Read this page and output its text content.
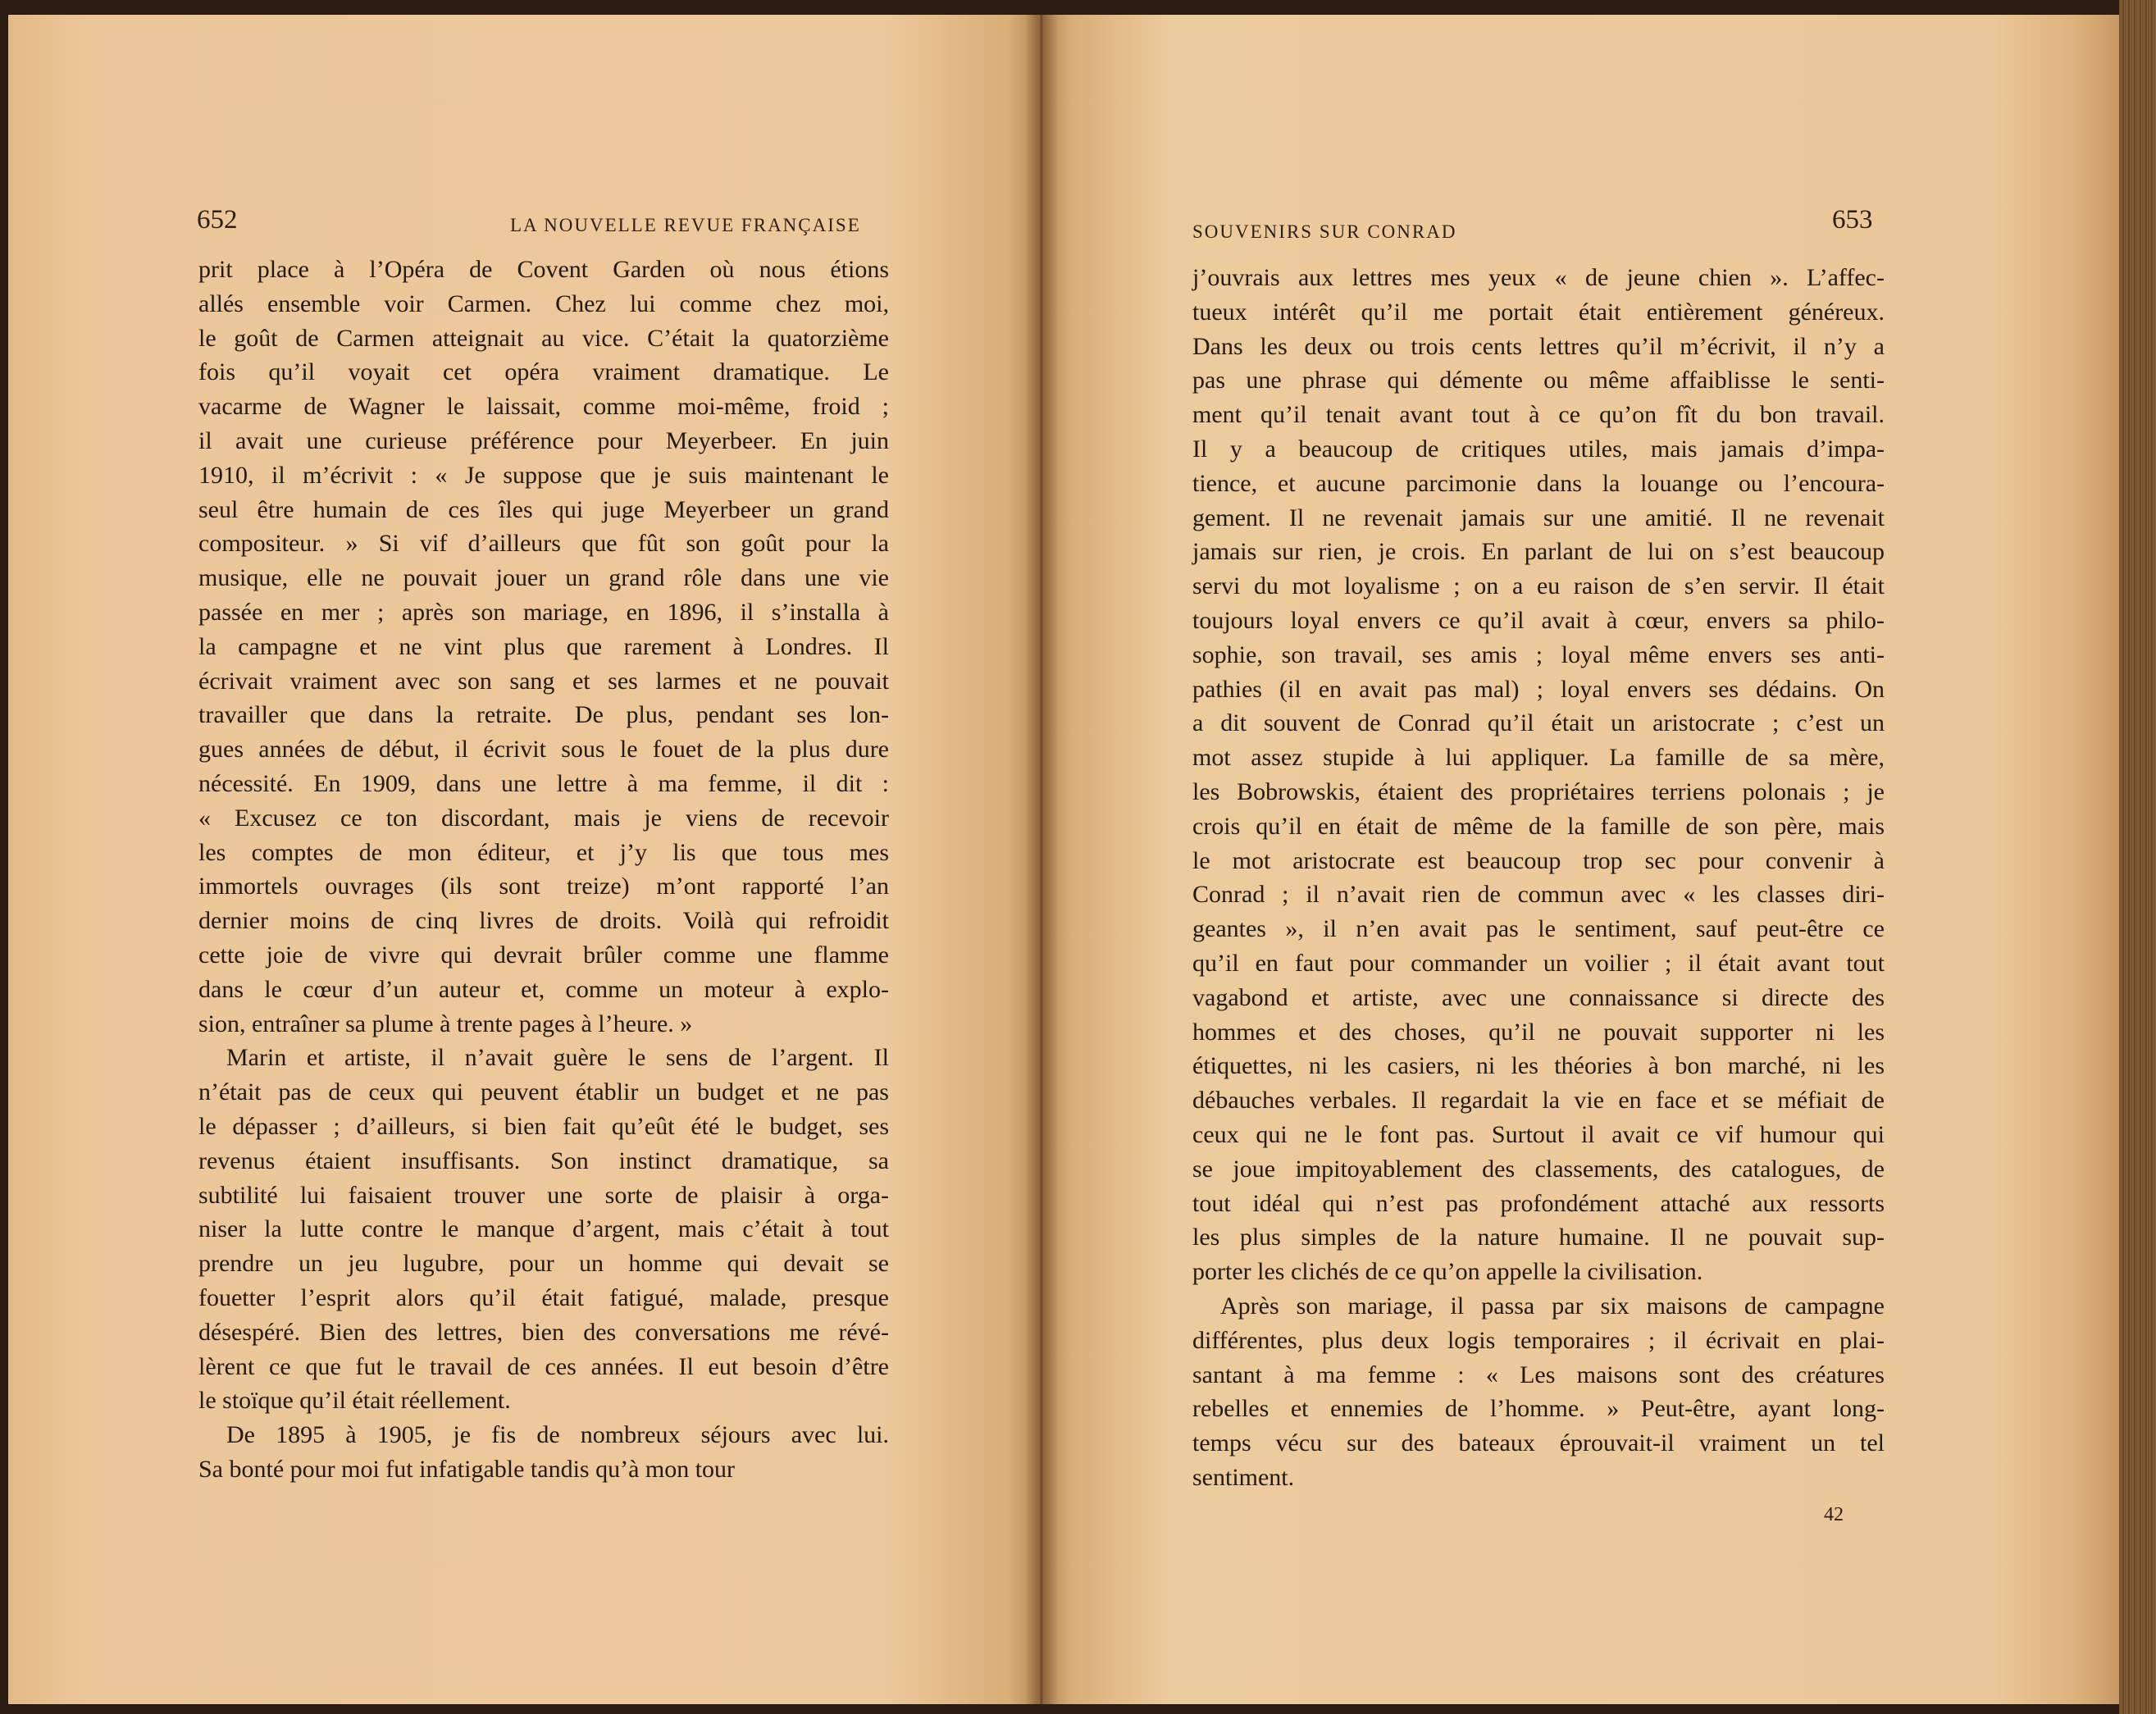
652	LA NOUVELLE REVUE FRANÇAISE
prit place à l’Opéra de Covent Garden où nous étions
allés ensemble voir Carmen. Chez lui comme chez moi,
le goût de Carmen atteignait au vice. C’était la quatorzième
fois qu’il voyait cet opéra vraiment dramatique. Le
vacarme de Wagner le laissait, comme moi-même, froid ;
il avait une curieuse préférence pour Meyerbeer. En juin
1910, il m’écrivit : « Je suppose que je suis maintenant le
seul être humain de ces îles qui juge Meyerbeer un grand
compositeur. » Si vif d’ailleurs que fût son goût pour la
musique, elle ne pouvait jouer un grand rôle dans une vie
passée en mer ; après son mariage, en 1896, il s’installa à
la campagne et ne vint plus que rarement à Londres. Il
écrivait vraiment avec son sang et ses larmes et ne pouvait
travailler que dans la retraite. De plus, pendant ses lon-
gues années de début, il écrivit sous le fouet de la plus dure
nécessité. En 1909, dans une lettre à ma femme, il dit :
« Excusez ce ton discordant, mais je viens de recevoir
les comptes de mon éditeur, et j’y lis que tous mes
immortels ouvrages (ils sont treize) m’ont rapporté l’an
dernier moins de cinq livres de droits. Voilà qui refroidit
cette joie de vivre qui devrait brûler comme une flamme
dans le cœur d’un auteur et, comme un moteur à explo-
sion, entraîner sa plume à trente pages à l’heure. »
Marin et artiste, il n’avait guère le sens de l’argent. Il
n’était pas de ceux qui peuvent établir un budget et ne pas
le dépasser ; d’ailleurs, si bien fait qu’eût été le budget, ses
revenus étaient insuffisants. Son instinct dramatique, sa
subtilité lui faisaient trouver une sorte de plaisir à orga-
niser la lutte contre le manque d’argent, mais c’était à tout
prendre un jeu lugubre, pour un homme qui devait se
fouetter l’esprit alors qu’il était fatigué, malade, presque
désespéré. Bien des lettres, bien des conversations me révé-
lèrent ce que fut le travail de ces années. Il eut besoin d’être
le stoïque qu’il était réellement.
De 1895 à 1905, je fis de nombreux séjours avec lui.
Sa bonté pour moi fut infatigable tandis qu’à mon tour
SOUVENIRS SUR CONRAD	653
j’ouvrais aux lettres mes yeux « de jeune chien ». L’affec-
tueux intérêt qu’il me portait était entièrement généreux.
Dans les deux ou trois cents lettres qu’il m’écrivit, il n’y a
pas une phrase qui démente ou même affaiblisse le senti-
ment qu’il tenait avant tout à ce qu’on fît du bon travail.
Il y a beaucoup de critiques utiles, mais jamais d’impa-
tience, et aucune parcimonie dans la louange ou l’encoura-
gement. Il ne revenait jamais sur une amitié. Il ne revenait
jamais sur rien, je crois. En parlant de lui on s’est beaucoup
servi du mot loyalisme ; on a eu raison de s’en servir. Il était
toujours loyal envers ce qu’il avait à cœur, envers sa philo-
sophie, son travail, ses amis ; loyal même envers ses anti-
pathies (il en avait pas mal) ; loyal envers ses dédains. On
a dit souvent de Conrad qu’il était un aristocrate ; c’est un
mot assez stupide à lui appliquer. La famille de sa mère,
les Bobrowskis, étaient des propriétaires terriens polonais ; je
crois qu’il en était de même de la famille de son père, mais
le mot aristocrate est beaucoup trop sec pour convenir à
Conrad ; il n’avait rien de commun avec « les classes diri-
geantes », il n’en avait pas le sentiment, sauf peut-être ce
qu’il en faut pour commander un voilier ; il était avant tout
vagabond et artiste, avec une connaissance si directe des
hommes et des choses, qu’il ne pouvait supporter ni les
étiquettes, ni les casiers, ni les théories à bon marché, ni les
débauches verbales. Il regardait la vie en face et se méfiait de
ceux qui ne le font pas. Surtout il avait ce vif humour qui
se joue impitoyablement des classements, des catalogues, de
tout idéal qui n’est pas profondément attaché aux ressorts
les plus simples de la nature humaine. Il ne pouvait sup-
porter les clichés de ce qu’on appelle la civilisation.
Après son mariage, il passa par six maisons de campagne
différentes, plus deux logis temporaires ; il écrivait en plai-
santant à ma femme : « Les maisons sont des créatures
rebelles et ennemies de l’homme. » Peut-être, ayant long-
temps vécu sur des bateaux éprouvait-il vraiment un tel
sentiment.
42
